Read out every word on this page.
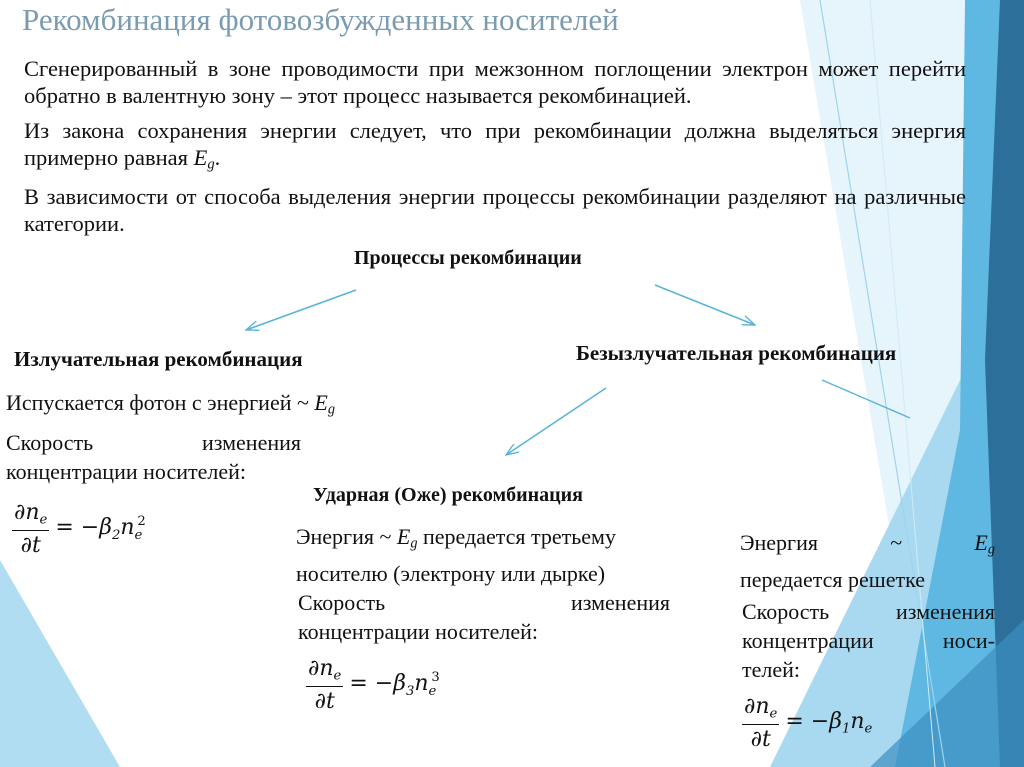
Рекомбинация фотовозбужденных носителей
Сгенерированный в зоне проводимости при межзонном поглощении электрон может перейти обратно в валентную зону – этот процесс называется рекомбинацией.
Из закона сохранения энергии следует, что при рекомбинации должна выделяться энергия примерно равная $E_g$.
В зависимости от способа выделения энергии процессы рекомбинации разделяют на различные категории.
Процессы рекомбинации
Излучательная рекомбинация
Испускается фотон с энергией ~ $E_g$
Скорость	изменения
концентрации носителей:
$\frac{\partial n_e}{\partial t} = -\beta_2n_e^2$
Безызлучательная рекомбинация
Ударная (Оже) рекомбинация
Энергия ~ $E_g$ передается третьему
носителю (электрону или дырке)
Скорость	изменения
концентрации носителей:
$\frac{\partial n_e}{\partial t} = -\beta_3n_e^3$
Энергия	~	$E_g$
передается решетке
Скорость	изменения
концентрации	носи-
телей:
$\frac{\partial n_e}{\partial t} = -\beta_1n_e$
